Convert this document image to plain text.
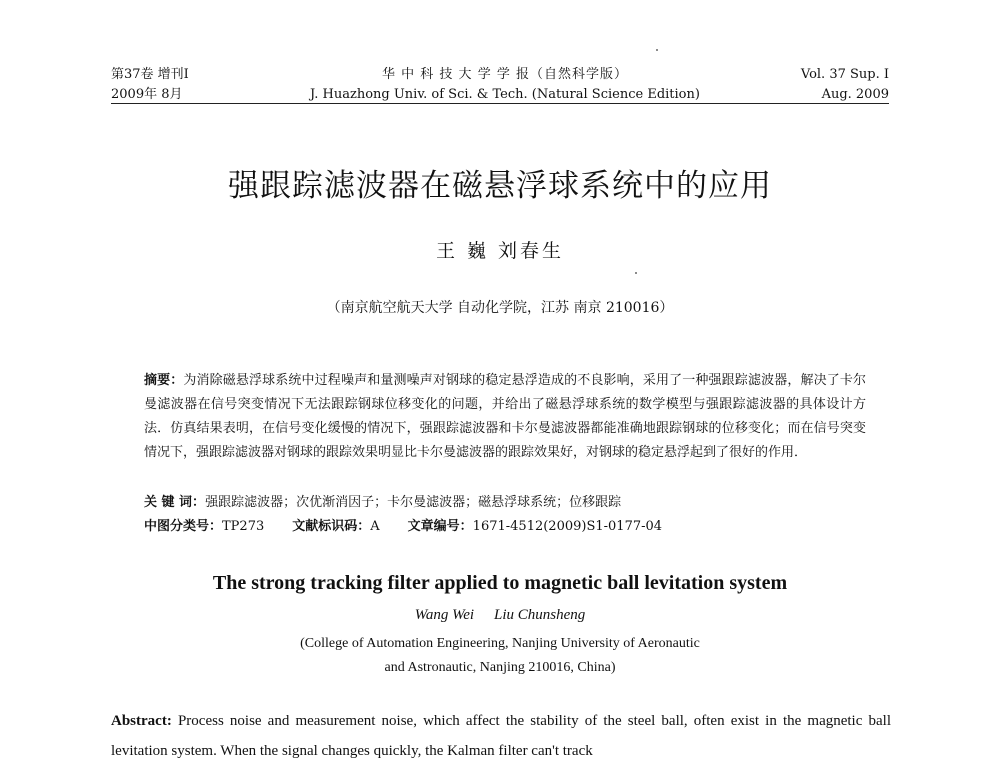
第37卷 增刊Ⅰ
2009年 8月
华 中 科 技 大 学 学 报（自然科学版）
J. Huazhong Univ. of Sci. & Tech. (Natural Science Edition)
Vol. 37 Sup. Ⅰ
Aug. 2009
强跟踪滤波器在磁悬浮球系统中的应用
王 巍 刘春生
（南京航空航天大学 自动化学院，江苏 南京 210016）
摘要：为消除磁悬浮球系统中过程噪声和量测噪声对钢球的稳定悬浮造成的不良影响，采用了一种强跟踪滤波器，解决了卡尔曼滤波器在信号突变情况下无法跟踪钢球位移变化的问题，并给出了磁悬浮球系统的数学模型与强跟踪滤波器的具体设计方法．仿真结果表明，在信号变化缓慢的情况下，强跟踪滤波器和卡尔曼滤波器都能准确地跟踪钢球的位移变化；而在信号突变情况下，强跟踪滤波器对钢球的跟踪效果明显比卡尔曼滤波器的跟踪效果好，对钢球的稳定悬浮起到了很好的作用．
关 键 词：强跟踪滤波器；次优渐消因子；卡尔曼滤波器；磁悬浮球系统；位移跟踪
中图分类号：TP273 文献标识码：A 文章编号：1671-4512(2009)S1-0177-04
The strong tracking filter applied to magnetic ball levitation system
Wang Wei Liu Chunsheng
(College of Automation Engineering, Nanjing University of Aeronautic
and Astronautic, Nanjing 210016, China)
Abstract: Process noise and measurement noise, which affect the stability of the steel ball, often exist in the magnetic ball levitation system. When the signal changes quickly, the Kalman filter can't track
